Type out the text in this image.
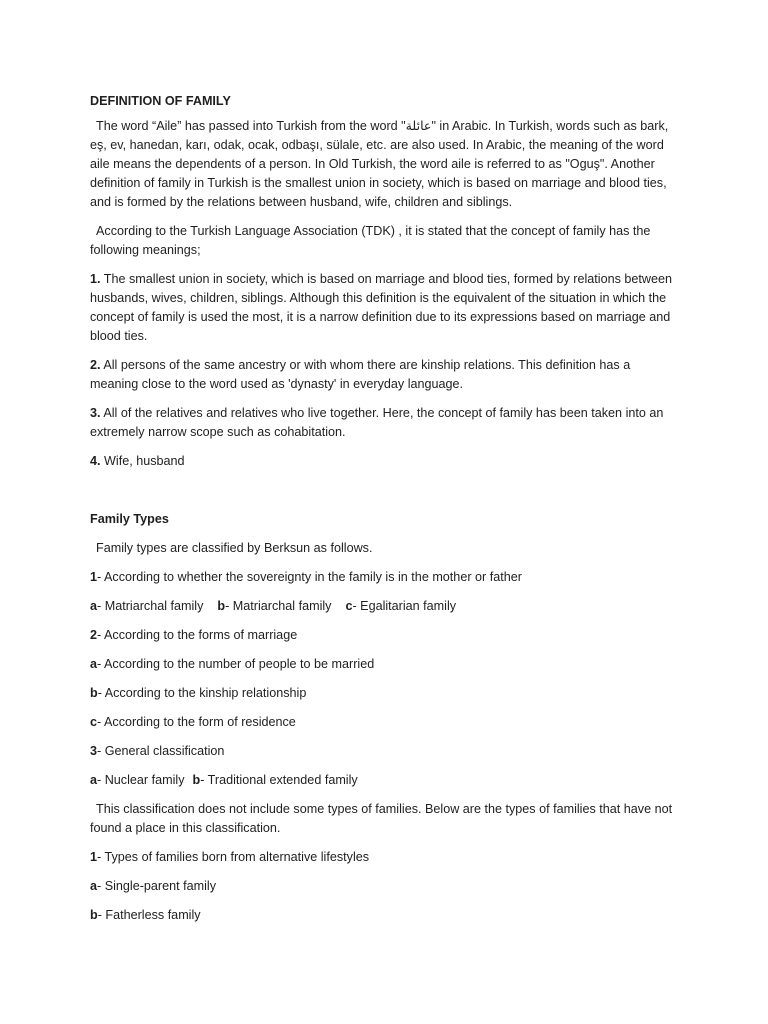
DEFINITION OF FAMILY

The word “Aile” has passed into Turkish from the word "عائلة" in Arabic. In Turkish, words such as bark, eş, ev, hanedan, karı, odak, ocak, odbaşı, sülale, etc. are also used. In Arabic, the meaning of the word aile means the dependents of a person. In Old Turkish, the word aile is referred to as "Oguş". Another definition of family in Turkish is the smallest union in society, which is based on marriage and blood ties, and is formed by the relations between husband, wife, children and siblings.

According to the Turkish Language Association (TDK) , it is stated that the concept of family has the following meanings;

1. The smallest union in society, which is based on marriage and blood ties, formed by relations between husbands, wives, children, siblings. Although this definition is the equivalent of the situation in which the concept of family is used the most, it is a narrow definition due to its expressions based on marriage and blood ties.

2. All persons of the same ancestry or with whom there are kinship relations. This definition has a meaning close to the word used as 'dynasty' in everyday language.

3. All of the relatives and relatives who live together. Here, the concept of family has been taken into an extremely narrow scope such as cohabitation.

4. Wife, husband

Family Types

Family types are classified by Berksun as follows.

1- According to whether the sovereignty in the family is in the mother or father
a- Matriarchal family b- Matriarchal family c- Egalitarian family
2- According to the forms of marriage
a- According to the number of people to be married
b- According to the kinship relationship
c- According to the form of residence
3- General classification
a- Nuclear family b- Traditional extended family

This classification does not include some types of families. Below are the types of families that have not found a place in this classification.

1- Types of families born from alternative lifestyles
a- Single-parent family
b- Fatherless family
